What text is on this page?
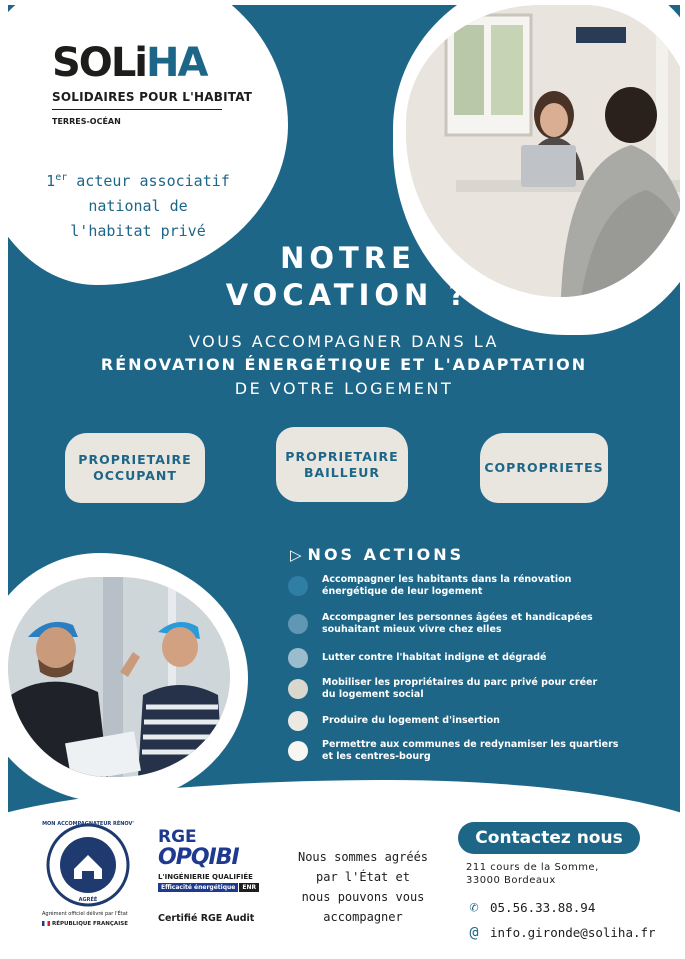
SOLiHA
SOLIDAIRES POUR L'HABITAT
TERRES-OCÉAN
1er acteur associatif
national de
l'habitat privé
NOTRE
VOCATION ?
VOUS ACCOMPAGNER DANS LA
RÉNOVATION ÉNERGÉTIQUE ET L'ADAPTATION
DE VOTRE LOGEMENT
PROPRIETAIRE
OCCUPANT
PROPRIETAIRE
BAILLEUR	COPROPRIETES
▷ NOS ACTIONS
Accompagner les habitants dans la rénovation
énergétique de leur logement
Accompagner les personnes âgées et handicapées
souhaitant mieux vivre chez elles
Lutter contre l'habitat indigne et dégradé
Mobiliser les propriétaires du parc privé pour créer
du logement social
Produire du logement d'insertion
Permettre aux communes de redynamiser les quartiers
et les centres-bourg
MON ACCOMPAGNATEUR RÉNOV'
AGRÉÉ
Agrément officiel délivré par l'État
RÉPUBLIQUE FRANÇAISE
RGE
OPQIBI
L'INGÉNIERIE QUALIFIÉE
Efficacité énergétique	ENR
Certifié RGE Audit
Nous sommes agréés
par l'État et
nous pouvons vous
accompagner
Contactez nous
211 cours de la Somme,
33000 Bordeaux
✆ 05.56.33.88.94
@ info.gironde@soliha.fr
